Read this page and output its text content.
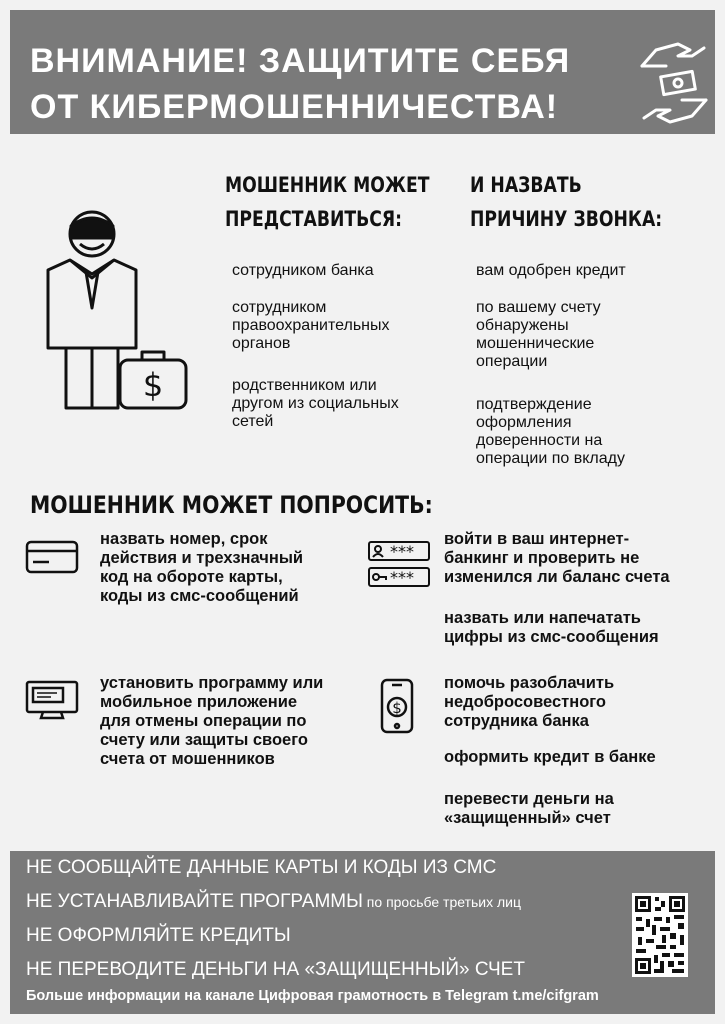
ВНИМАНИЕ! ЗАЩИТИТЕ СЕБЯ
ОТ КИБЕРМОШЕННИЧЕСТВА!
$
МОШЕННИК МОЖЕТ
ПРЕДСТАВИТЬСЯ:
И НАЗВАТЬ
ПРИЧИНУ ЗВОНКА:
сотрудником банка
сотрудником
правоохранительных
органов
родственником или
другом из социальных
сетей
вам одобрен кредит
по вашему счету
обнаружены
мошеннические
операции
подтверждение
оформления
доверенности на
операции по вкладу
МОШЕННИК МОЖЕТ ПОПРОСИТЬ:
назвать номер, срок
действия и трехзначный
код на обороте карты,
коды из смс-сообщений
***
***
войти в ваш интернет-
банкинг и проверить не
изменился ли баланс счета
назвать или напечатать
цифры из смс-сообщения
установить программу или
мобильное приложение
для отмены операции по
счету или защиты своего
счета от мошенников
$
помочь разоблачить
недобросовестного
сотрудника банка
оформить кредит в банке
перевести деньги на
«защищенный» счет
НЕ СООБЩАЙТЕ ДАННЫЕ КАРТЫ И КОДЫ ИЗ СМС
НЕ УСТАНАВЛИВАЙТЕ ПРОГРАММЫ по просьбе третьих лиц
НЕ ОФОРМЛЯЙТЕ КРЕДИТЫ
НЕ ПЕРЕВОДИТЕ ДЕНЬГИ НА «ЗАЩИЩЕННЫЙ» СЧЕТ
Больше информации на канале Цифровая грамотность в Telegram t.me/cifgram
